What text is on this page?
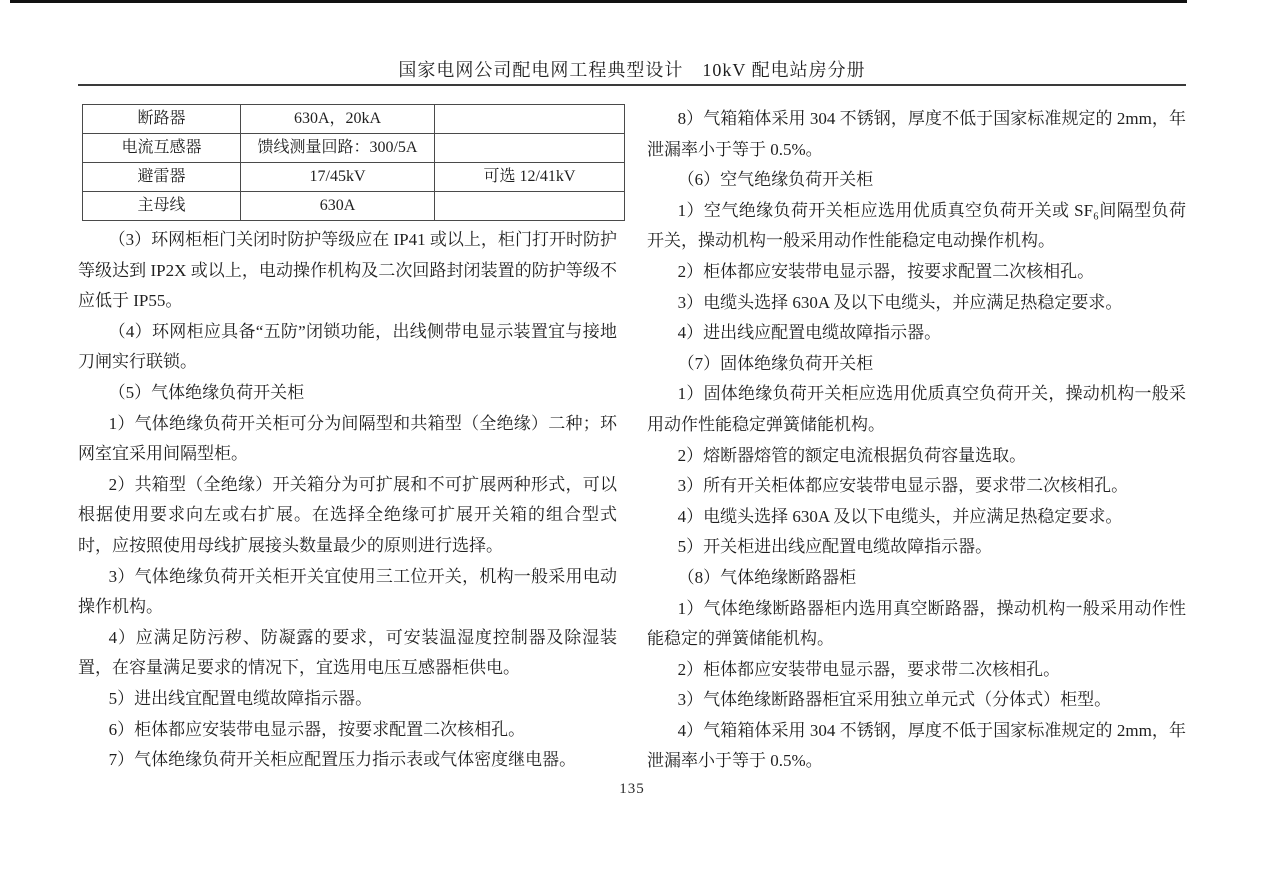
国家电网公司配电网工程典型设计　10kV 配电站房分册
断路器	630A，20kA	
电流互感器	馈线测量回路：300/5A	
避雷器	17/45kV	可选 12/41kV
主母线	630A	

（3）环网柜柜门关闭时防护等级应在 IP41 或以上，柜门打开时防护等级达到 IP2X 或以上，电动操作机构及二次回路封闭装置的防护等级不应低于 IP55。

（4）环网柜应具备“五防”闭锁功能，出线侧带电显示装置宜与接地刀闸实行联锁。

（5）气体绝缘负荷开关柜

1）气体绝缘负荷开关柜可分为间隔型和共箱型（全绝缘）二种；环网室宜采用间隔型柜。

2）共箱型（全绝缘）开关箱分为可扩展和不可扩展两种形式，可以根据使用要求向左或右扩展。在选择全绝缘可扩展开关箱的组合型式时，应按照使用母线扩展接头数量最少的原则进行选择。

3）气体绝缘负荷开关柜开关宜使用三工位开关，机构一般采用电动操作机构。

4）应满足防污秽、防凝露的要求，可安装温湿度控制器及除湿装置，在容量满足要求的情况下，宜选用电压互感器柜供电。

5）进出线宜配置电缆故障指示器。

6）柜体都应安装带电显示器，按要求配置二次核相孔。

7）气体绝缘负荷开关柜应配置压力指示表或气体密度继电器。

8）气箱箱体采用 304 不锈钢，厚度不低于国家标准规定的 2mm，年泄漏率小于等于 0.5%。

（6）空气绝缘负荷开关柜

1）空气绝缘负荷开关柜应选用优质真空负荷开关或 SF₆间隔型负荷开关，操动机构一般采用动作性能稳定电动操作机构。

2）柜体都应安装带电显示器，按要求配置二次核相孔。

3）电缆头选择 630A 及以下电缆头，并应满足热稳定要求。

4）进出线应配置电缆故障指示器。

（7）固体绝缘负荷开关柜

1）固体绝缘负荷开关柜应选用优质真空负荷开关，操动机构一般采用动作性能稳定弹簧储能机构。

2）熔断器熔管的额定电流根据负荷容量选取。

3）所有开关柜体都应安装带电显示器，要求带二次核相孔。

4）电缆头选择 630A 及以下电缆头，并应满足热稳定要求。

5）开关柜进出线应配置电缆故障指示器。

（8）气体绝缘断路器柜

1）气体绝缘断路器柜内选用真空断路器，操动机构一般采用动作性能稳定的弹簧储能机构。

2）柜体都应安装带电显示器，要求带二次核相孔。

3）气体绝缘断路器柜宜采用独立单元式（分体式）柜型。

4）气箱箱体采用 304 不锈钢，厚度不低于国家标准规定的 2mm，年泄漏率小于等于 0.5%。

135
